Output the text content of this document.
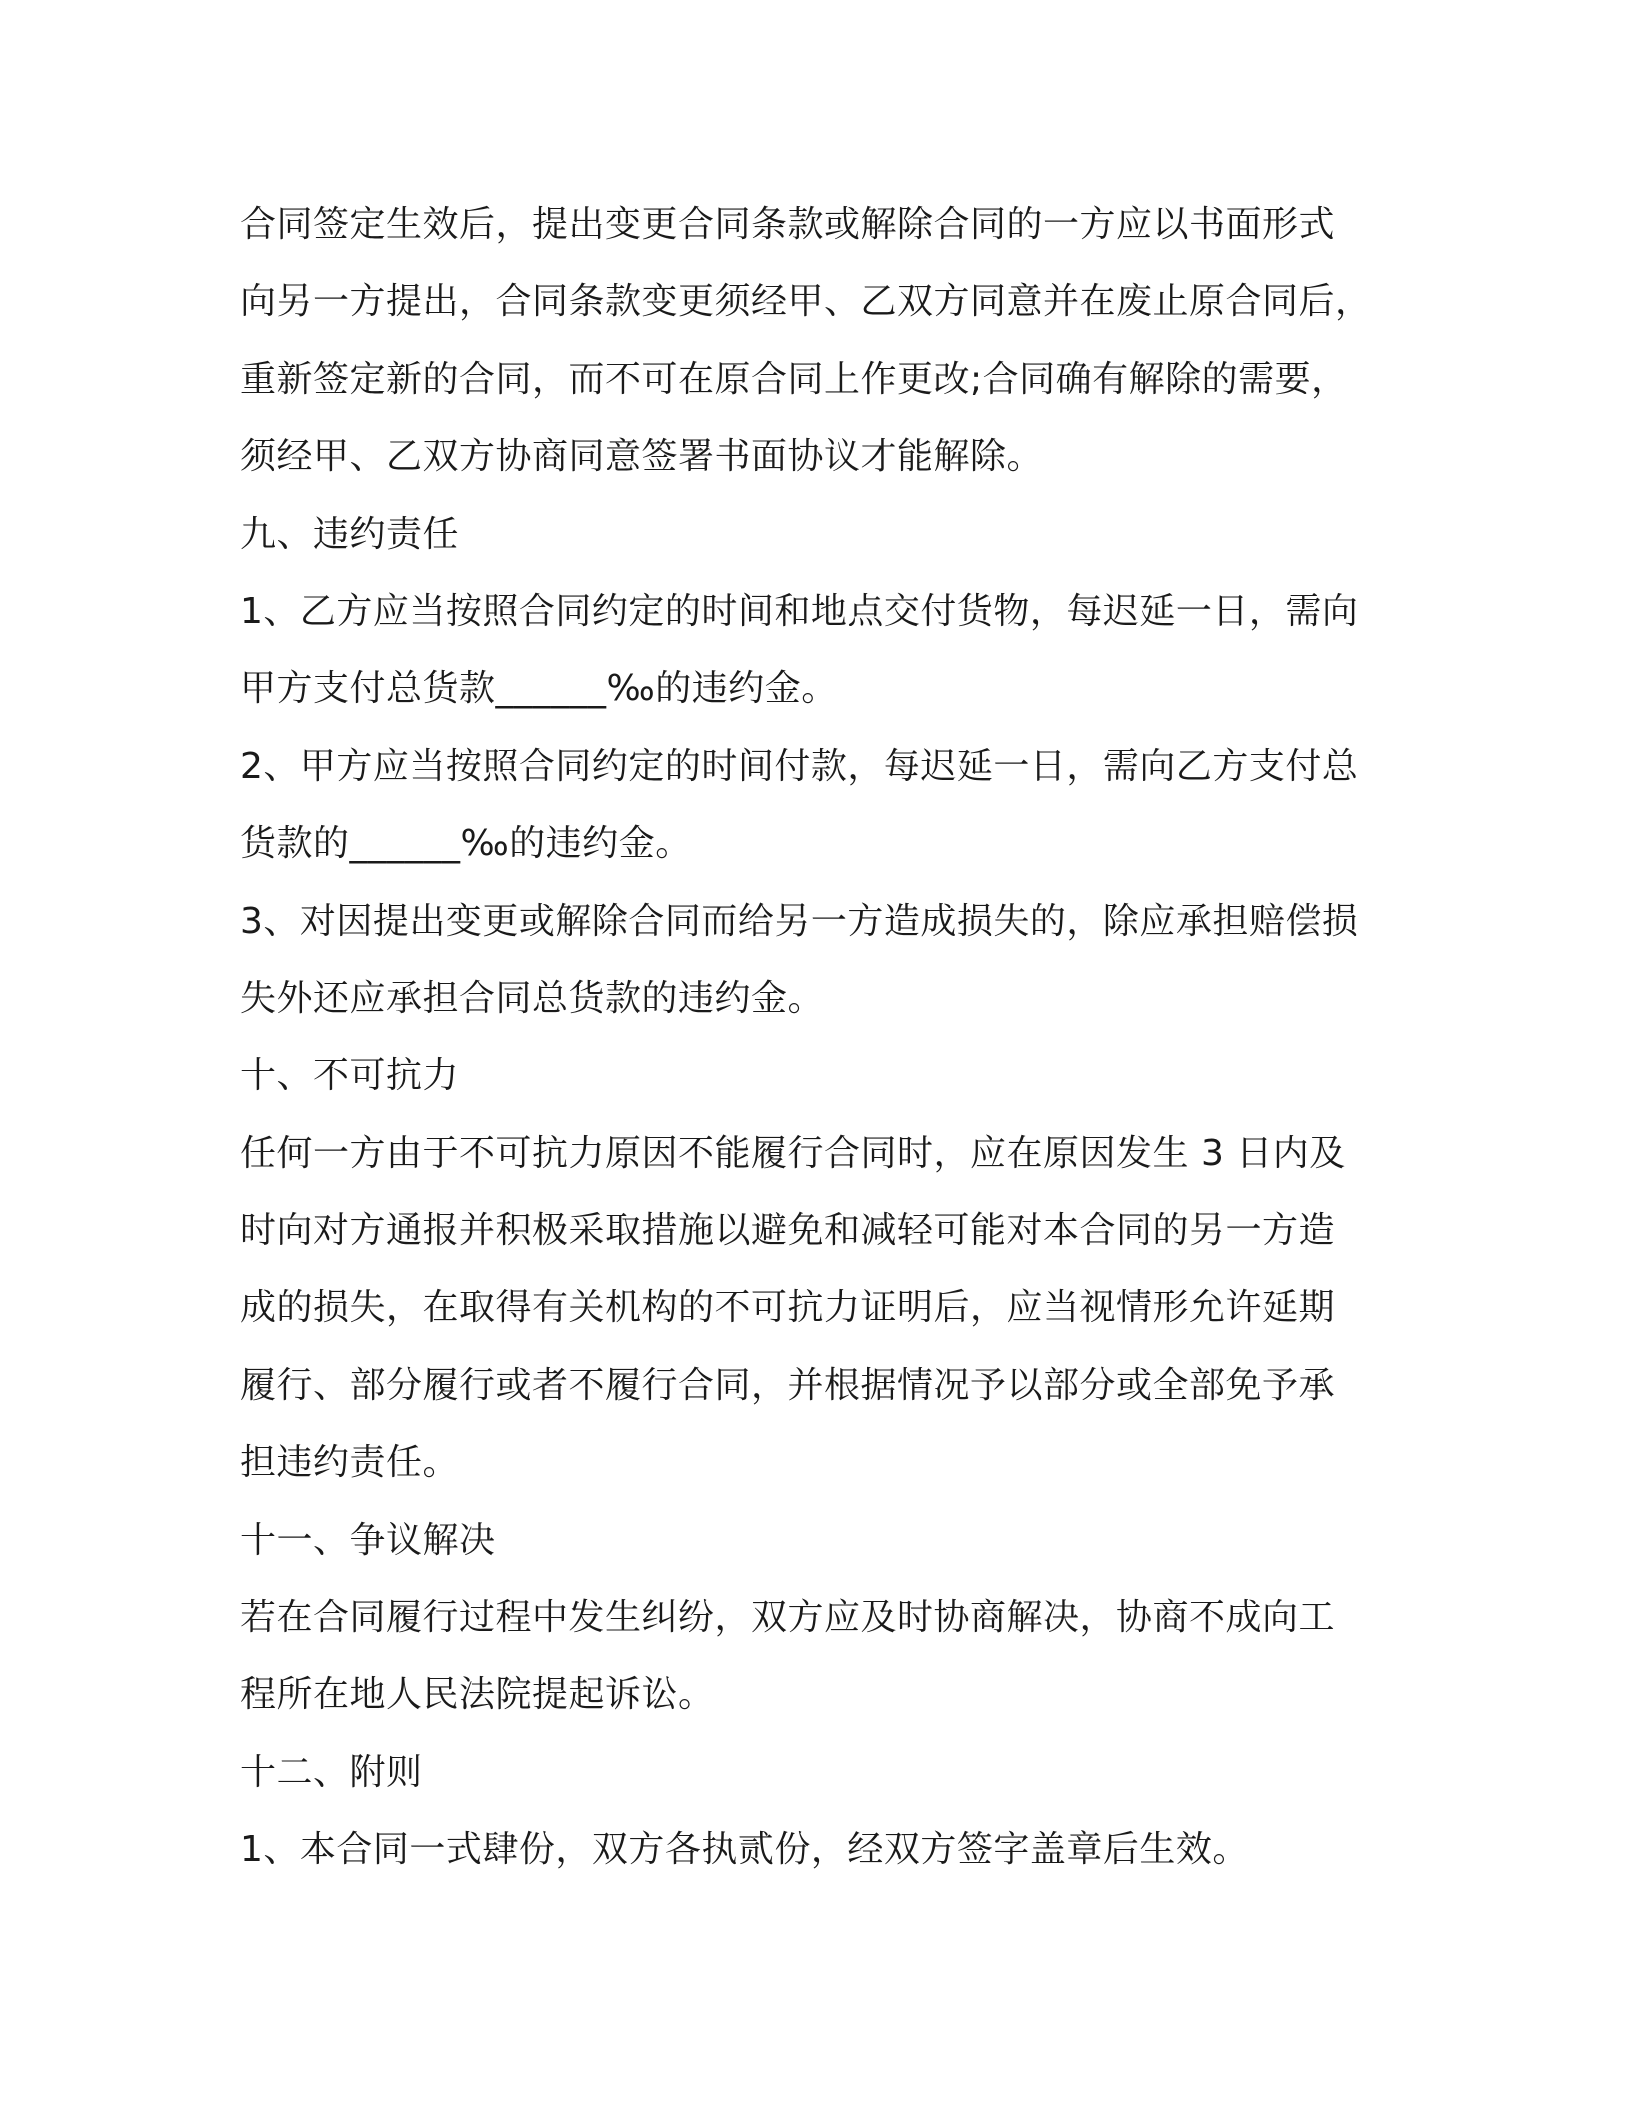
合同签定生效后，提出变更合同条款或解除合同的一方应以书面形式
向另一方提出，合同条款变更须经甲、乙双方同意并在废止原合同后，
重新签定新的合同，而不可在原合同上作更改;合同确有解除的需要，
须经甲、乙双方协商同意签署书面协议才能解除。
九、违约责任
1、乙方应当按照合同约定的时间和地点交付货物，每迟延一日，需向
甲方支付总货款______‰的违约金。
2、甲方应当按照合同约定的时间付款，每迟延一日，需向乙方支付总
货款的______‰的违约金。
3、对因提出变更或解除合同而给另一方造成损失的，除应承担赔偿损
失外还应承担合同总货款的违约金。
十、不可抗力
任何一方由于不可抗力原因不能履行合同时，应在原因发生 3 日内及
时向对方通报并积极采取措施以避免和减轻可能对本合同的另一方造
成的损失，在取得有关机构的不可抗力证明后，应当视情形允许延期
履行、部分履行或者不履行合同，并根据情况予以部分或全部免予承
担违约责任。
十一、争议解决
若在合同履行过程中发生纠纷，双方应及时协商解决，协商不成向工
程所在地人民法院提起诉讼。
十二、附则
1、本合同一式肆份，双方各执贰份，经双方签字盖章后生效。
